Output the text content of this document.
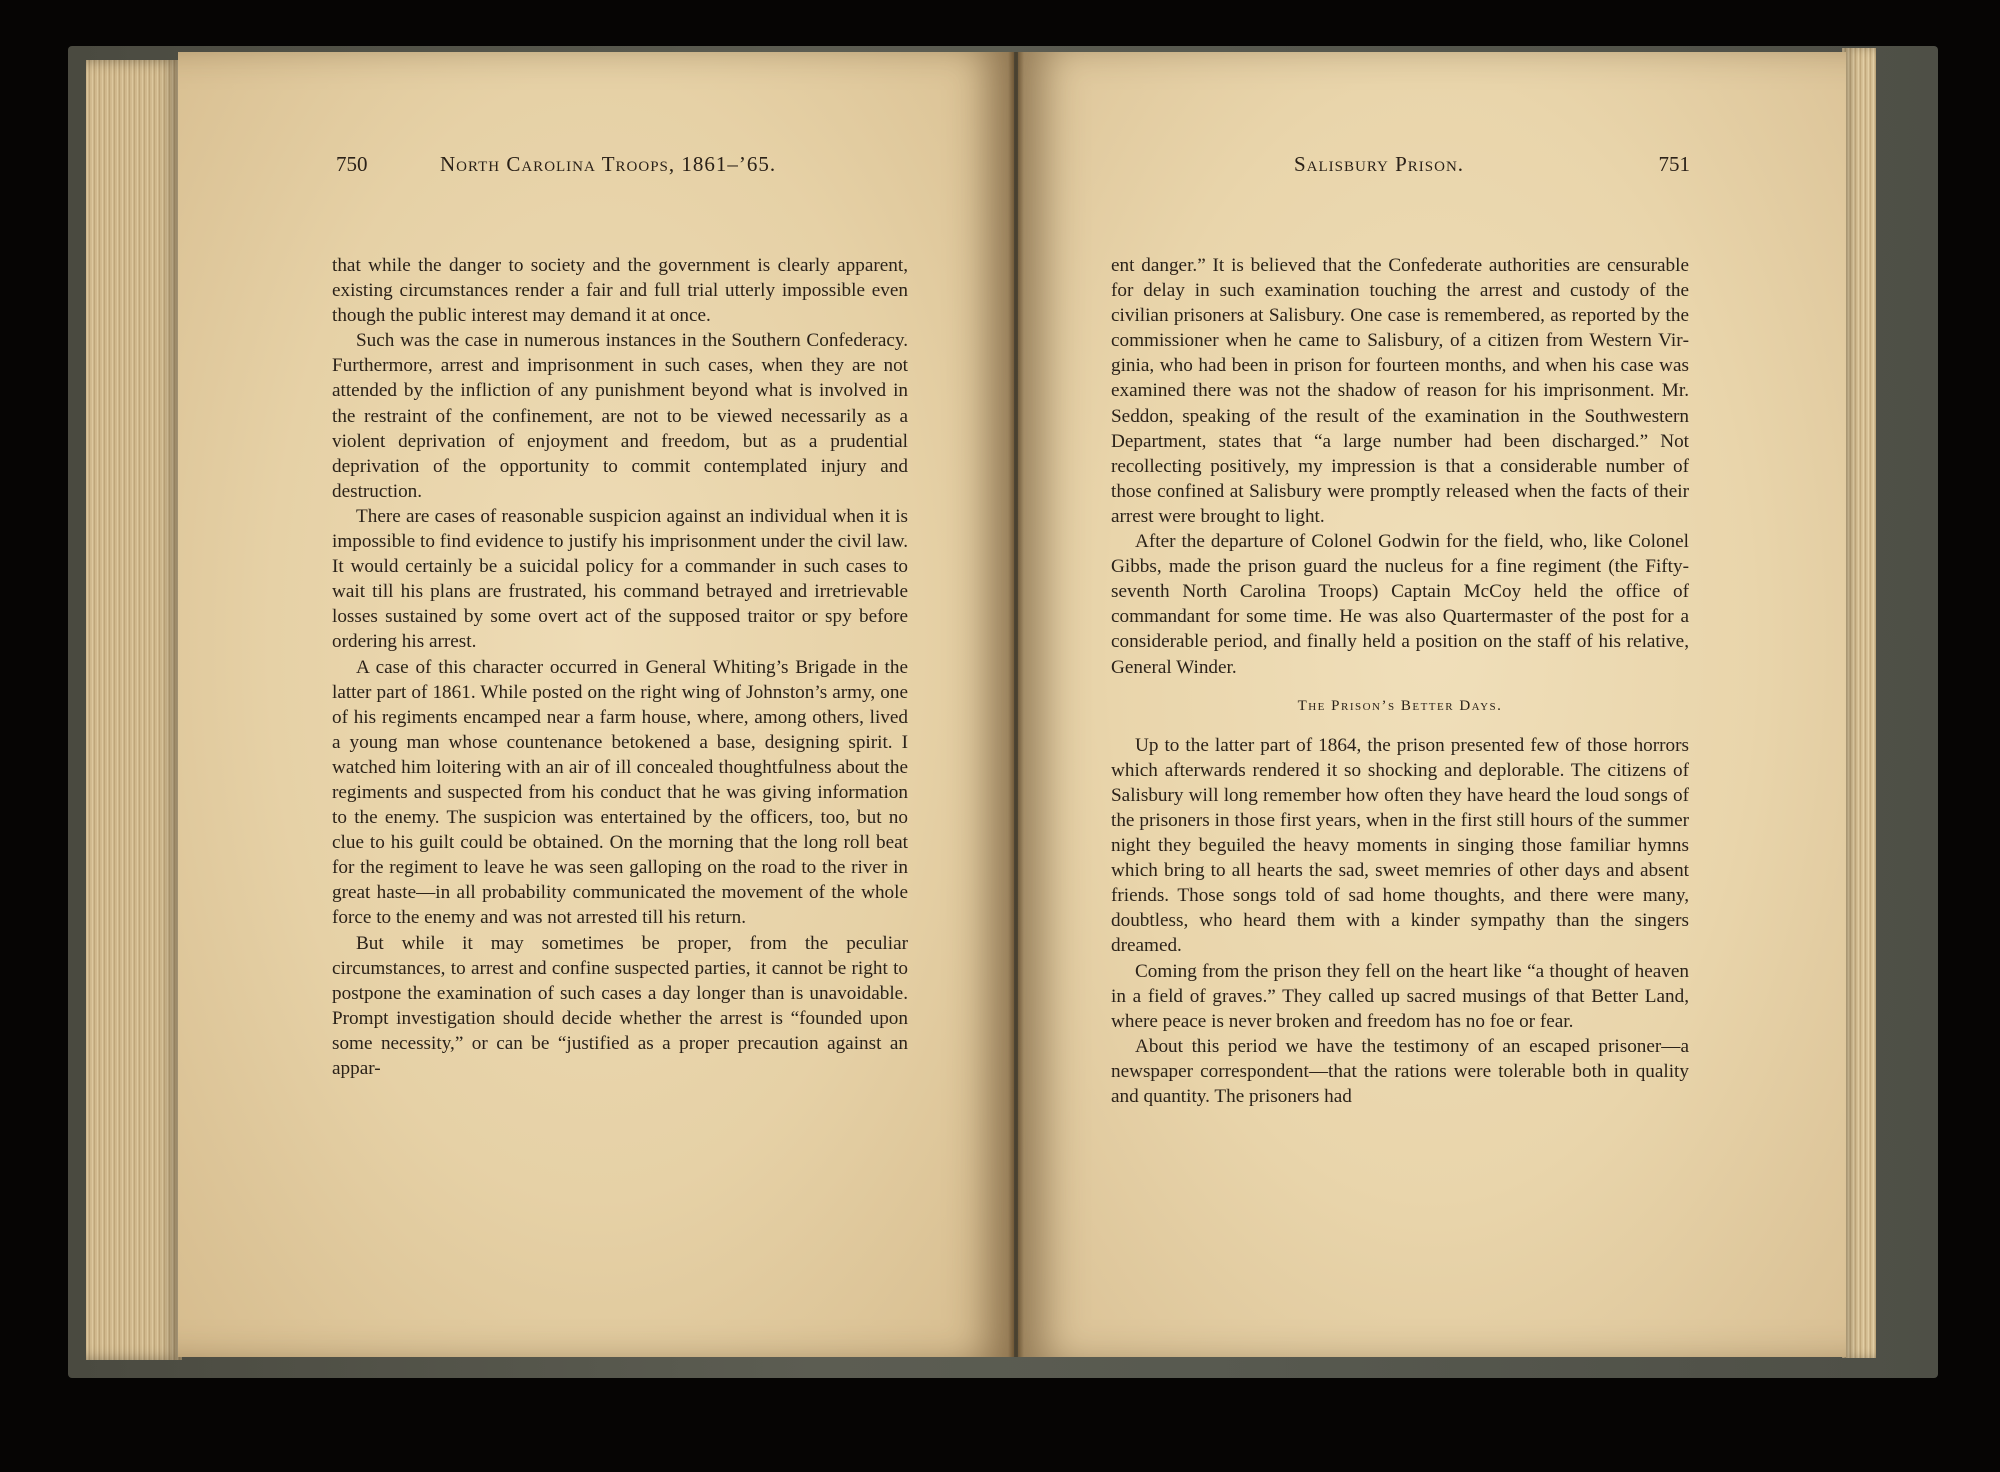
750	North Carolina Troops, 1861–’65.	Salisbury Prison.	751

that while the danger to society and the government is clearly apparent, existing circumstances render a fair and full trial utterly impossible even though the public interest may demand it at once.

Such was the case in numerous instances in the Southern Confederacy. Furthermore, arrest and imprisonment in such cases, when they are not attended by the infliction of any punishment beyond what is involved in the restraint of the confinement, are not to be viewed necessarily as a violent deprivation of enjoyment and freedom, but as a prudential deprivation of the opportunity to commit contemplated injury and destruction.

There are cases of reasonable suspicion against an individual when it is impossible to find evidence to justify his imprisonment under the civil law. It would certainly be a suicidal policy for a commander in such cases to wait till his plans are frustrated, his command betrayed and irretrievable losses sustained by some overt act of the supposed traitor or spy before ordering his arrest.

A case of this character occurred in General Whiting’s Brigade in the latter part of 1861. While posted on the right wing of Johnston’s army, one of his regiments encamped near a farm house, where, among others, lived a young man whose countenance betokened a base, designing spirit. I watched him loitering with an air of ill concealed thoughtfulness about the regiments and suspected from his conduct that he was giving information to the enemy. The suspicion was entertained by the officers, too, but no clue to his guilt could be obtained. On the morning that the long roll beat for the regiment to leave he was seen galloping on the road to the river in great haste—in all probability communicated the movement of the whole force to the enemy and was not arrested till his return.

But while it may sometimes be proper, from the peculiar circumstances, to arrest and confine suspected parties, it cannot be right to postpone the examination of such cases a day longer than is unavoidable. Prompt investigation should decide whether the arrest is “founded upon some necessity,” or can be “justified as a proper precaution against an appar-

ent danger.” It is believed that the Confederate authorities are censurable for delay in such examination touching the arrest and custody of the civilian prisoners at Salisbury. One case is remembered, as reported by the commissioner when he came to Salisbury, of a citizen from Western Virginia, who had been in prison for fourteen months, and when his case was examined there was not the shadow of reason for his imprisonment. Mr. Seddon, speaking of the result of the examination in the Southwestern Department, states that “a large number had been discharged.” Not recollecting positively, my impression is that a considerable number of those confined at Salisbury were promptly released when the facts of their arrest were brought to light.

After the departure of Colonel Godwin for the field, who, like Colonel Gibbs, made the prison guard the nucleus for a fine regiment (the Fifty-seventh North Carolina Troops) Captain McCoy held the office of commandant for some time. He was also Quartermaster of the post for a considerable period, and finally held a position on the staff of his relative, General Winder.

The Prison’s Better Days.

Up to the latter part of 1864, the prison presented few of those horrors which afterwards rendered it so shocking and deplorable. The citizens of Salisbury will long remember how often they have heard the loud songs of the prisoners in those first years, when in the first still hours of the summer night they beguiled the heavy moments in singing those familiar hymns which bring to all hearts the sad, sweet memries of other days and absent friends. Those songs told of sad home thoughts, and there were many, doubtless, who heard them with a kinder sympathy than the singers dreamed.

Coming from the prison they fell on the heart like “a thought of heaven in a field of graves.” They called up sacred musings of that Better Land, where peace is never broken and freedom has no foe or fear.

About this period we have the testimony of an escaped prisoner—a newspaper correspondent—that the rations were tolerable both in quality and quantity. The prisoners had
